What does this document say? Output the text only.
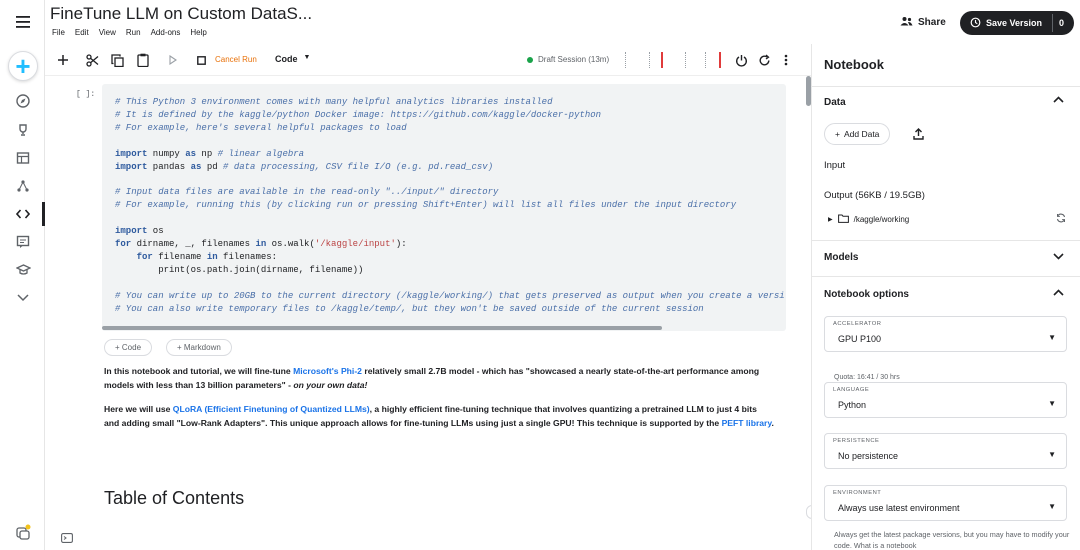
+
FineTune LLM on Custom DataS...
File Edit View Run Add-ons Help
Share	Save Version	0
Cancel Run Code ▼	Draft Session (13m)
[ ]:
# This Python 3 environment comes with many helpful analytics libraries installed
# It is defined by the kaggle/python Docker image: https://github.com/kaggle/docker-python
# For example, here's several helpful packages to load

import numpy as np # linear algebra
import pandas as pd # data processing, CSV file I/O (e.g. pd.read_csv)

# Input data files are available in the read-only "../input/" directory
# For example, running this (by clicking run or pressing Shift+Enter) will list all files under the input directory

import os
for dirname, _, filenames in os.walk('/kaggle/input'):
for filename in filenames:
print(os.path.join(dirname, filename))

# You can write up to 20GB to the current directory (/kaggle/working/) that gets preserved as output when you create a versi
# You can also write temporary files to /kaggle/temp/, but they won't be saved outside of the current session
+ Code	+ Markdown
In this notebook and tutorial, we will fine-tune Microsoft's Phi-2 relatively small 2.7B model - which has "showcased a nearly state-of-the-art performance among models with less than 13 billion parameters" - on your own data!
Here we will use QLoRA (Efficient Finetuning of Quantized LLMs), a highly efficient fine-tuning technique that involves quantizing a pretrained LLM to just 4 bits and adding small "Low-Rank Adapters". This unique approach allows for fine-tuning LLMs using just a single GPU! This technique is supported by the PEFT library.
Table of Contents
Notebook
Data
+ Add Data
Input
Output (56KB / 19.5GB)
▶	/kaggle/working
Models
Notebook options
ACCELERATOR
GPU P100	▼
Quota: 16:41 / 30 hrs
LANGUAGE
Python	▼
PERSISTENCE
No persistence	▼
ENVIRONMENT
Always use latest environment	▼
Always get the latest package versions, but you may have to modify your code. What is a notebook
